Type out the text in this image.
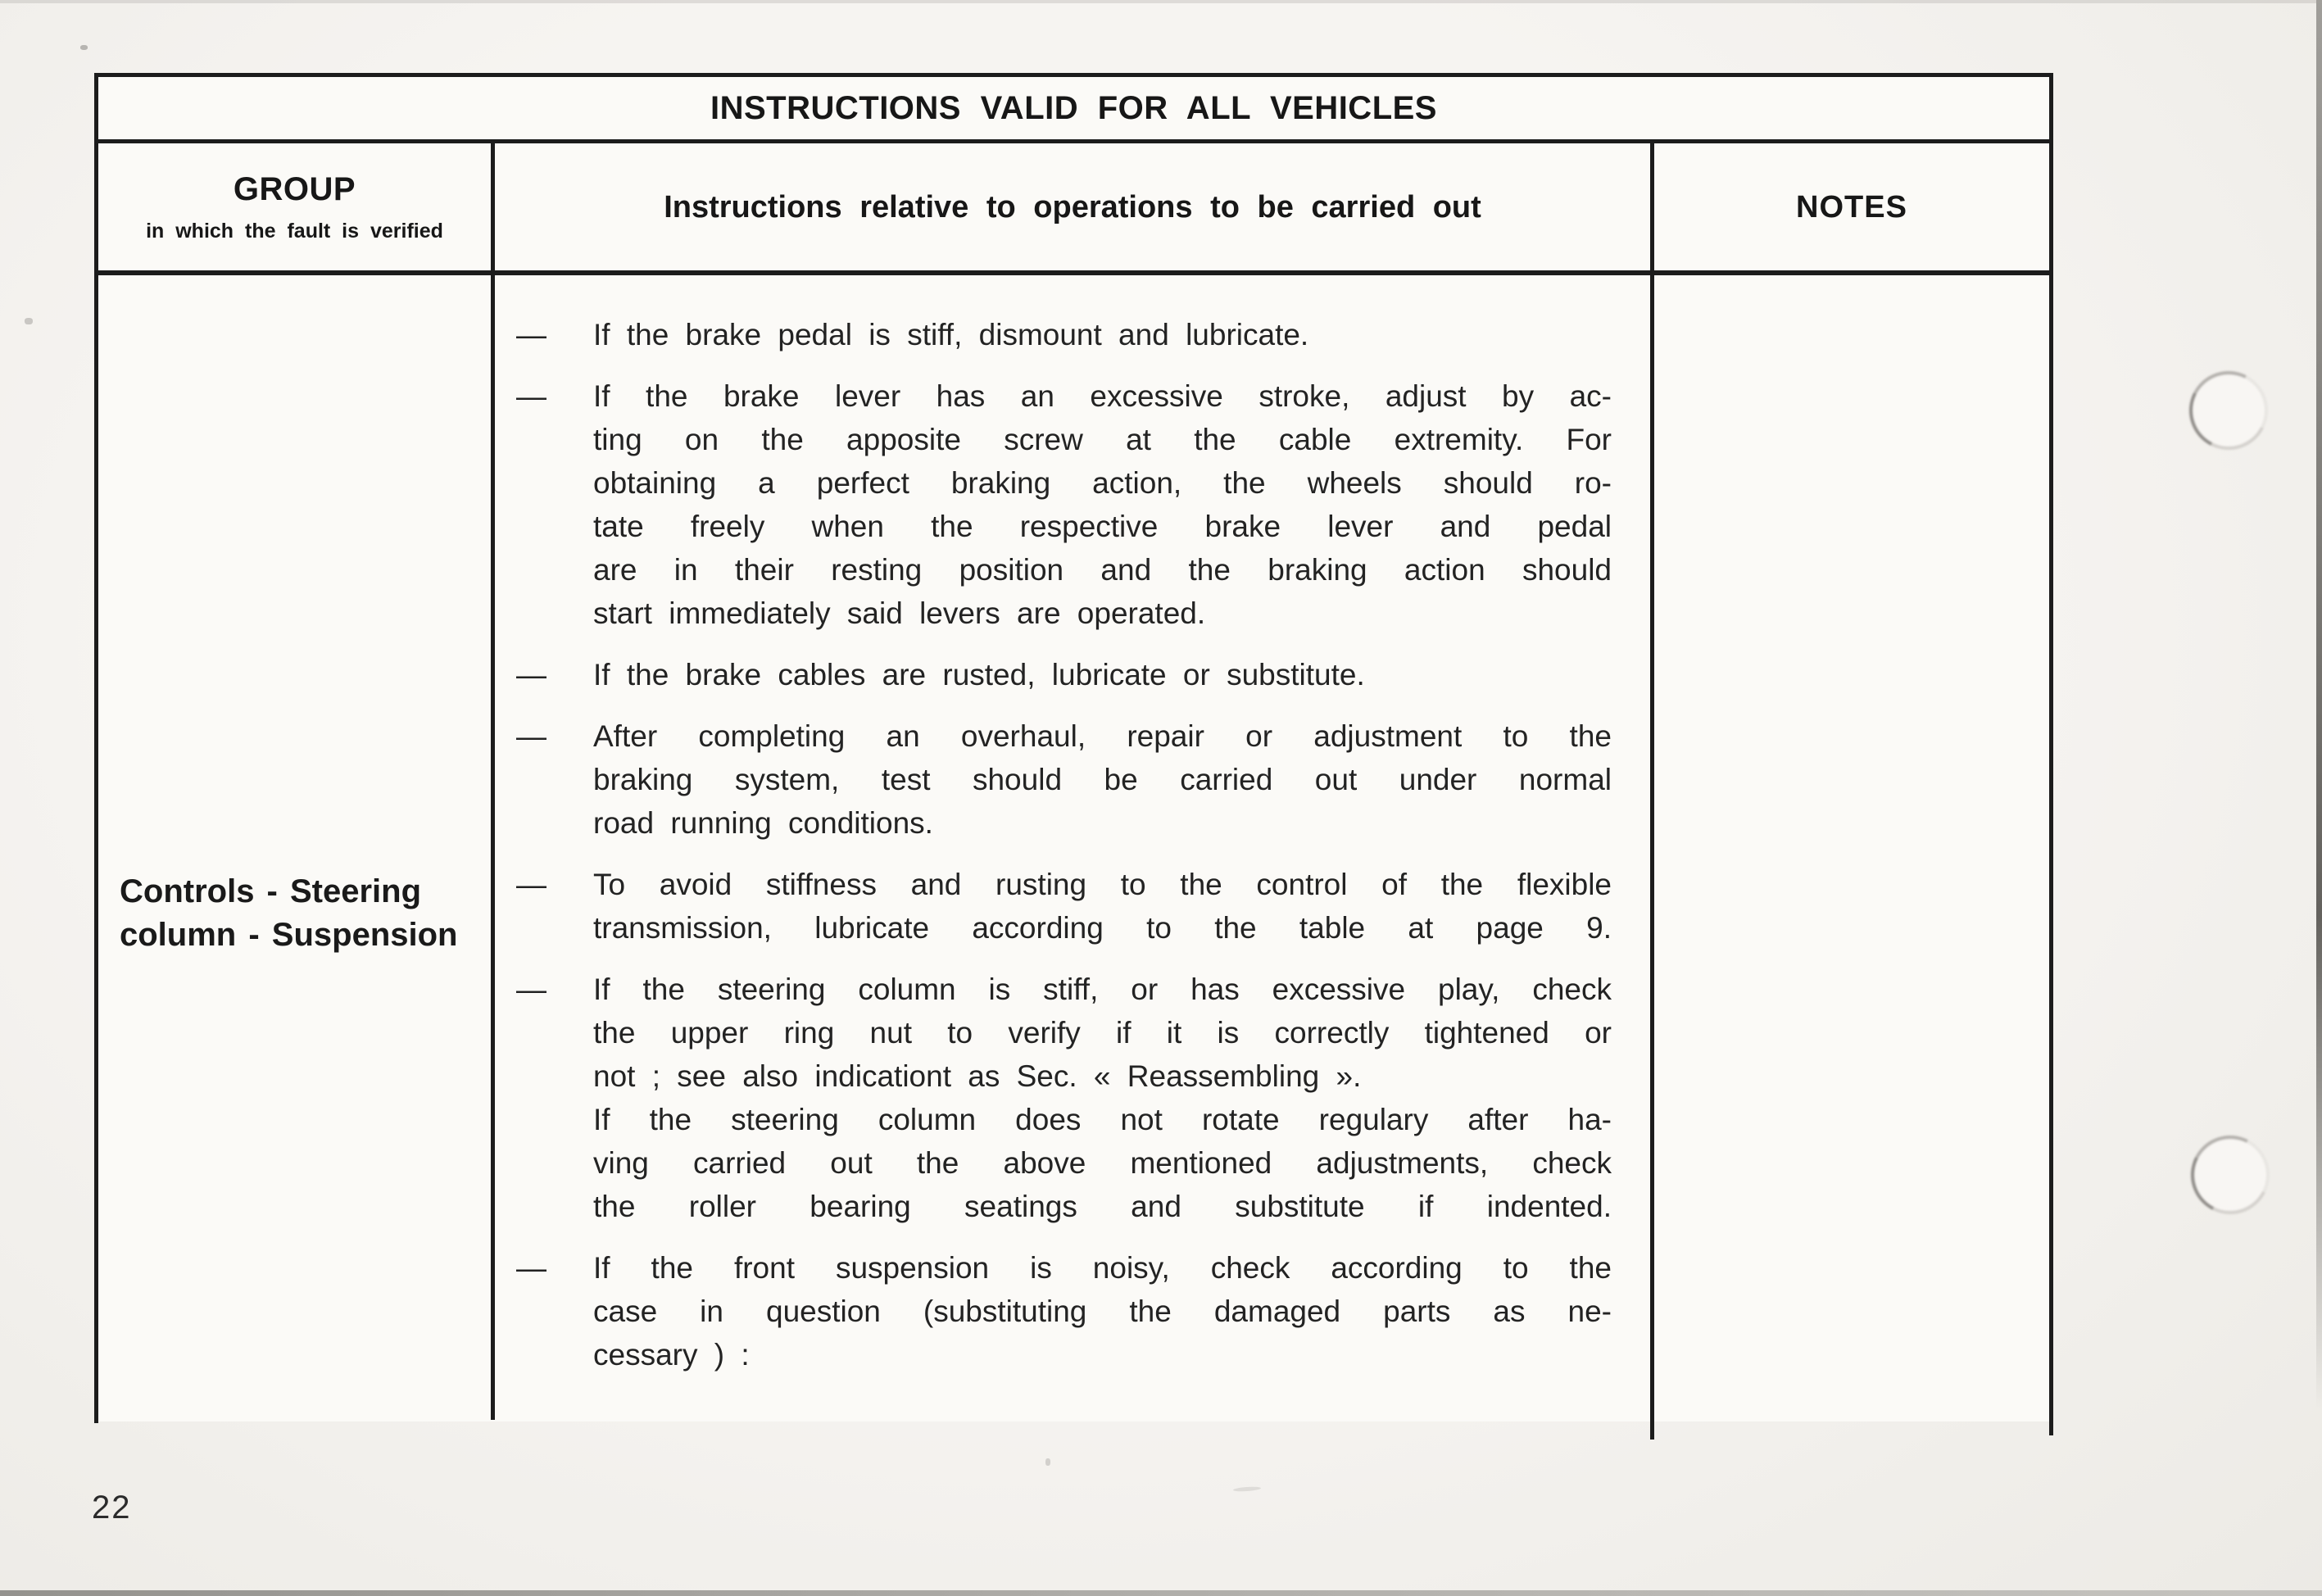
INSTRUCTIONS VALID FOR ALL VEHICLES
GROUP
in which the fault is verified
Instructions relative to operations to be carried out	NOTES
Controls - Steering
column - Suspension
—	If the brake pedal is stiff, dismount and lubricate.
—	If the brake lever has an excessive stroke, adjust by ac-
ting on the apposite screw at the cable extremity. For
obtaining a perfect braking action, the wheels should ro-
tate freely when the respective brake lever and pedal
are in their resting position and the braking action should
start immediately said levers are operated.
—	If the brake cables are rusted, lubricate or substitute.
—	After completing an overhaul, repair or adjustment to the
braking system, test should be carried out under normal
road running conditions.
—	To avoid stiffness and rusting to the control of the flexible
transmission, lubricate according to the table at page 9.
—	If the steering column is stiff, or has excessive play, check
the upper ring nut to verify if it is correctly tightened or
not ; see also indicationt as Sec. « Reassembling ».
If the steering column does not rotate regulary after ha-
ving carried out the above mentioned adjustments, check
the roller bearing seatings and substitute if indented.
—	If the front suspension is noisy, check according to the
case in question (substituting the damaged parts as ne-
cessary ) :
22
